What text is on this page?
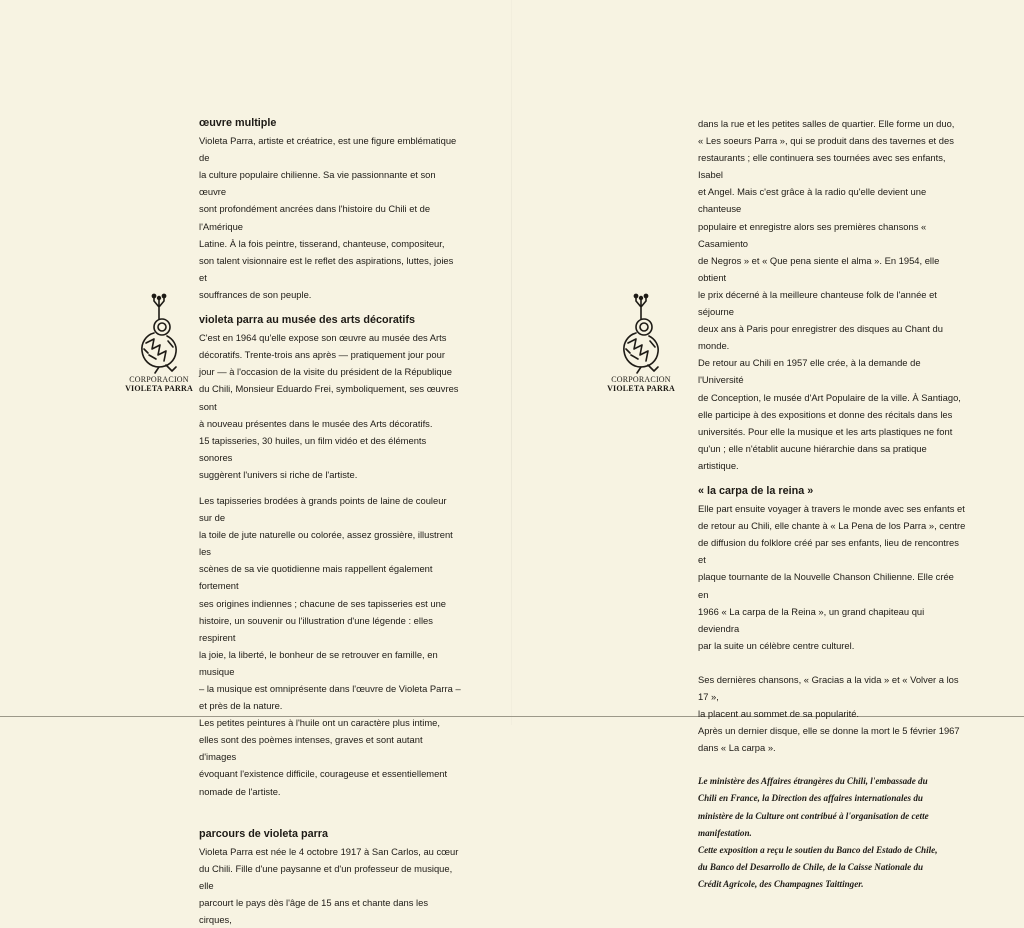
CORPORACION
VIOLETA PARRA
œuvre multiple

Violeta Parra, artiste et créatrice, est une figure emblématique de

la culture populaire chilienne. Sa vie passionnante et son œuvre

sont profondément ancrées dans l'histoire du Chili et de l'Amérique

Latine. À la fois peintre, tisserand, chanteuse, compositeur,

son talent visionnaire est le reflet des aspirations, luttes, joies et

souffrances de son peuple.

violeta parra au musée des arts décoratifs

C'est en 1964 qu'elle expose son œuvre au musée des Arts

décoratifs. Trente-trois ans après — pratiquement jour pour

jour — à l'occasion de la visite du président de la République

du Chili, Monsieur Eduardo Frei, symboliquement, ses œuvres sont

à nouveau présentes dans le musée des Arts décoratifs.

15 tapisseries, 30 huiles, un film vidéo et des éléments sonores

suggèrent l'univers si riche de l'artiste.

Les tapisseries brodées à grands points de laine de couleur sur de

la toile de jute naturelle ou colorée, assez grossière, illustrent les

scènes de sa vie quotidienne mais rappellent également fortement

ses origines indiennes ; chacune de ses tapisseries est une

histoire, un souvenir ou l'illustration d'une légende : elles respirent

la joie, la liberté, le bonheur de se retrouver en famille, en musique

– la musique est omniprésente dans l'œuvre de Violeta Parra –

et près de la nature.

Les petites peintures à l'huile ont un caractère plus intime,

elles sont des poèmes intenses, graves et sont autant d'images

évoquant l'existence difficile, courageuse et essentiellement

nomade de l'artiste.

parcours de violeta parra

Violeta Parra est née le 4 octobre 1917 à San Carlos, au cœur

du Chili. Fille d'une paysanne et d'un professeur de musique, elle

parcourt le pays dès l'âge de 15 ans et chante dans les cirques,

CORPORACION
VIOLETA PARRA

dans la rue et les petites salles de quartier. Elle forme un duo,

« Les soeurs Parra », qui se produit dans des tavernes et des

restaurants ; elle continuera ses tournées avec ses enfants, Isabel

et Angel. Mais c'est grâce à la radio qu'elle devient une chanteuse

populaire et enregistre alors ses premières chansons « Casamiento

de Negros » et « Que pena siente el alma ». En 1954, elle obtient

le prix décerné à la meilleure chanteuse folk de l'année et séjourne

deux ans à Paris pour enregistrer des disques au Chant du monde.

De retour au Chili en 1957 elle crée, à la demande de l'Université

de Conception, le musée d'Art Populaire de la ville. À Santiago,

elle participe à des expositions et donne des récitals dans les

universités. Pour elle la musique et les arts plastiques ne font

qu'un ; elle n'établit aucune hiérarchie dans sa pratique artistique.

« la carpa de la reina »

Elle part ensuite voyager à travers le monde avec ses enfants et

de retour au Chili, elle chante à « La Pena de los Parra », centre

de diffusion du folklore créé par ses enfants, lieu de rencontres et

plaque tournante de la Nouvelle Chanson Chilienne. Elle crée en

1966 « La carpa de la Reina », un grand chapiteau qui deviendra

par la suite un célèbre centre culturel.

Ses dernières chansons, « Gracias a la vida » et « Volver a los 17 »,

la placent au sommet de sa popularité.

Après un dernier disque, elle se donne la mort le 5 février 1967

dans « La carpa ».

Le ministère des Affaires étrangères du Chili, l'embassade du

Chili en France, la Direction des affaires internationales du

ministère de la Culture ont contribué à l'organisation de cette

manifestation.

Cette exposition a reçu le soutien du Banco del Estado de Chile,

du Banco del Desarrollo de Chile, de la Caisse Nationale du

Crédit Agricole, des Champagnes Taittinger.
